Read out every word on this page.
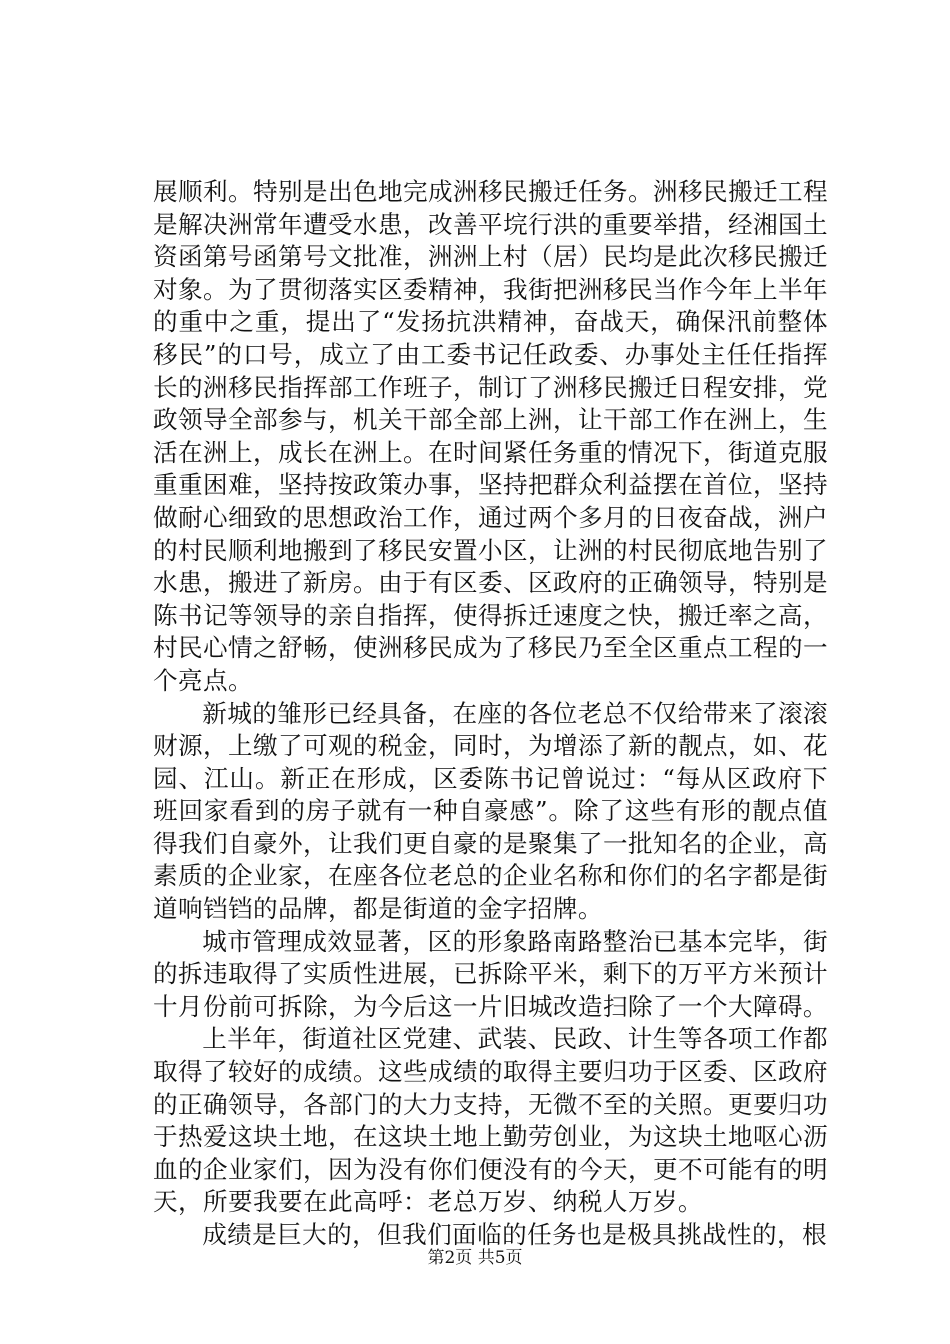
展顺利。特别是出色地完成洲移民搬迁任务。洲移民搬迁工程是解决洲常年遭受水患，改善平垸行洪的重要举措，经湘国土资函第号函第号文批准，洲洲上村（居）民均是此次移民搬迁对象。为了贯彻落实区委精神，我街把洲移民当作今年上半年的重中之重，提出了“发扬抗洪精神，奋战天，确保汛前整体移民”的口号，成立了由工委书记任政委、办事处主任任指挥长的洲移民指挥部工作班子，制订了洲移民搬迁日程安排，党政领导全部参与，机关干部全部上洲，让干部工作在洲上，生活在洲上，成长在洲上。在时间紧任务重的情况下，街道克服重重困难，坚持按政策办事，坚持把群众利益摆在首位，坚持做耐心细致的思想政治工作，通过两个多月的日夜奋战，洲户的村民顺利地搬到了移民安置小区，让洲的村民彻底地告别了水患，搬进了新房。由于有区委、区政府的正确领导，特别是陈书记等领导的亲自指挥，使得拆迁速度之快，搬迁率之高，村民心情之舒畅，使洲移民成为了移民乃至全区重点工程的一个亮点。

新城的雏形已经具备，在座的各位老总不仅给带来了滚滚财源，上缴了可观的税金，同时，为增添了新的靓点，如、花园、江山。新正在形成，区委陈书记曾说过：“每从区政府下班回家看到的房子就有一种自豪感”。除了这些有形的靓点值得我们自豪外，让我们更自豪的是聚集了一批知名的企业，高素质的企业家，在座各位老总的企业名称和你们的名字都是街道响铛铛的品牌，都是街道的金字招牌。

城市管理成效显著，区的形象路南路整治已基本完毕，街的拆违取得了实质性进展，已拆除平米，剩下的万平方米预计十月份前可拆除，为今后这一片旧城改造扫除了一个大障碍。

上半年，街道社区党建、武装、民政、计生等各项工作都取得了较好的成绩。这些成绩的取得主要归功于区委、区政府的正确领导，各部门的大力支持，无微不至的关照。更要归功于热爱这块土地，在这块土地上勤劳创业，为这块土地呕心沥血的企业家们，因为没有你们便没有的今天，更不可能有的明天，所要我要在此高呼：老总万岁、纳税人万岁。

成绩是巨大的，但我们面临的任务也是极具挑战性的，根

第2页 共5页
